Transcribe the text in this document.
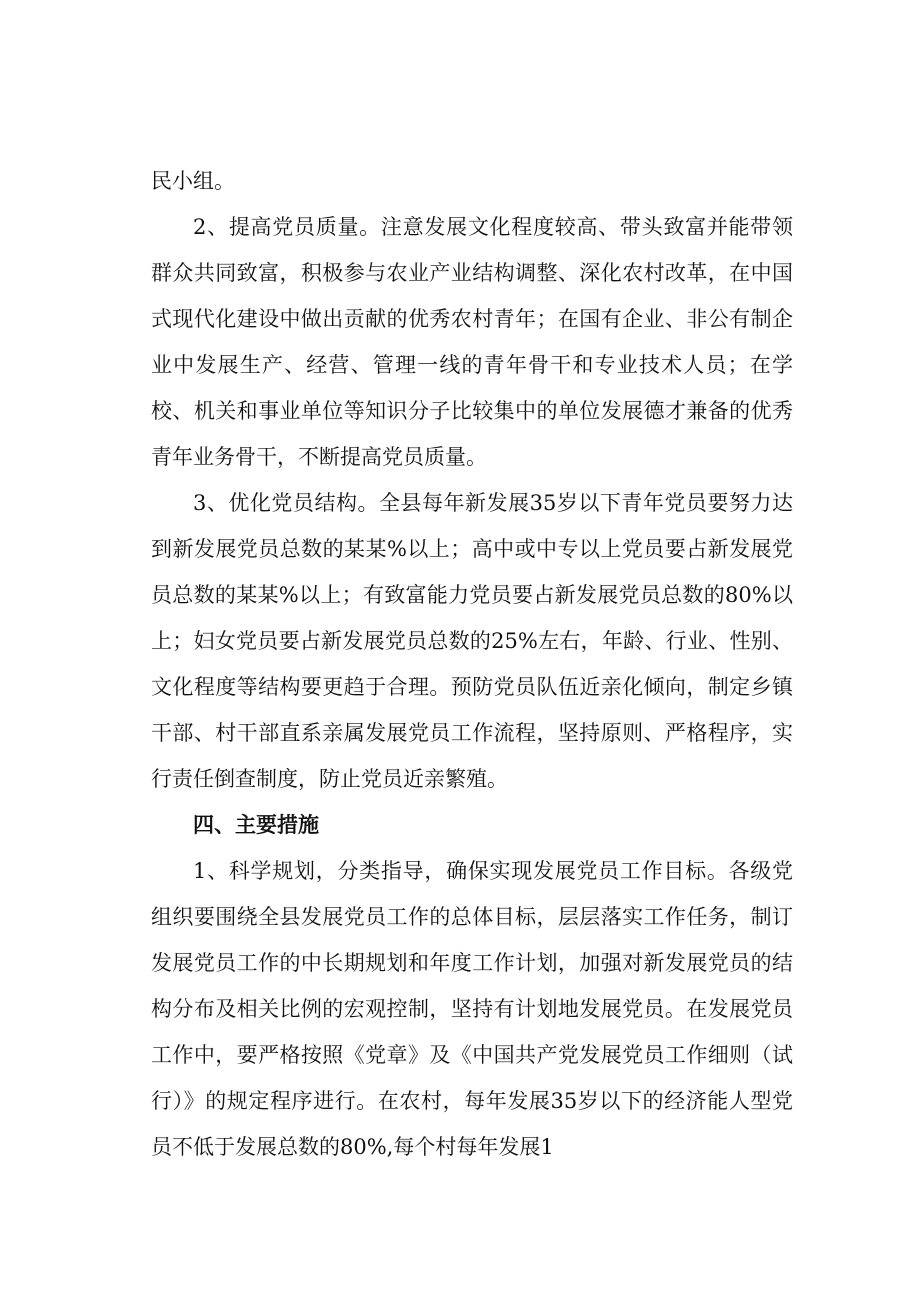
民小组。

2、提高党员质量。注意发展文化程度较高、带头致富并能带领群众共同致富，积极参与农业产业结构调整、深化农村改革，在中国式现代化建设中做出贡献的优秀农村青年；在国有企业、非公有制企业中发展生产、经营、管理一线的青年骨干和专业技术人员；在学校、机关和事业单位等知识分子比较集中的单位发展德才兼备的优秀青年业务骨干，不断提高党员质量。

3、优化党员结构。全县每年新发展35岁以下青年党员要努力达到新发展党员总数的某某%以上；高中或中专以上党员要占新发展党员总数的某某%以上；有致富能力党员要占新发展党员总数的80%以上；妇女党员要占新发展党员总数的25%左右，年龄、行业、性别、文化程度等结构要更趋于合理。预防党员队伍近亲化倾向，制定乡镇干部、村干部直系亲属发展党员工作流程，坚持原则、严格程序，实行责任倒查制度，防止党员近亲繁殖。

四、主要措施

1、科学规划，分类指导，确保实现发展党员工作目标。各级党组织要围绕全县发展党员工作的总体目标，层层落实工作任务，制订发展党员工作的中长期规划和年度工作计划，加强对新发展党员的结构分布及相关比例的宏观控制，坚持有计划地发展党员。在发展党员工作中，要严格按照《党章》及《中国共产党发展党员工作细则（试行）》的规定程序进行。在农村，每年发展35岁以下的经济能人型党员不低于发展总数的80%,每个村每年发展1
